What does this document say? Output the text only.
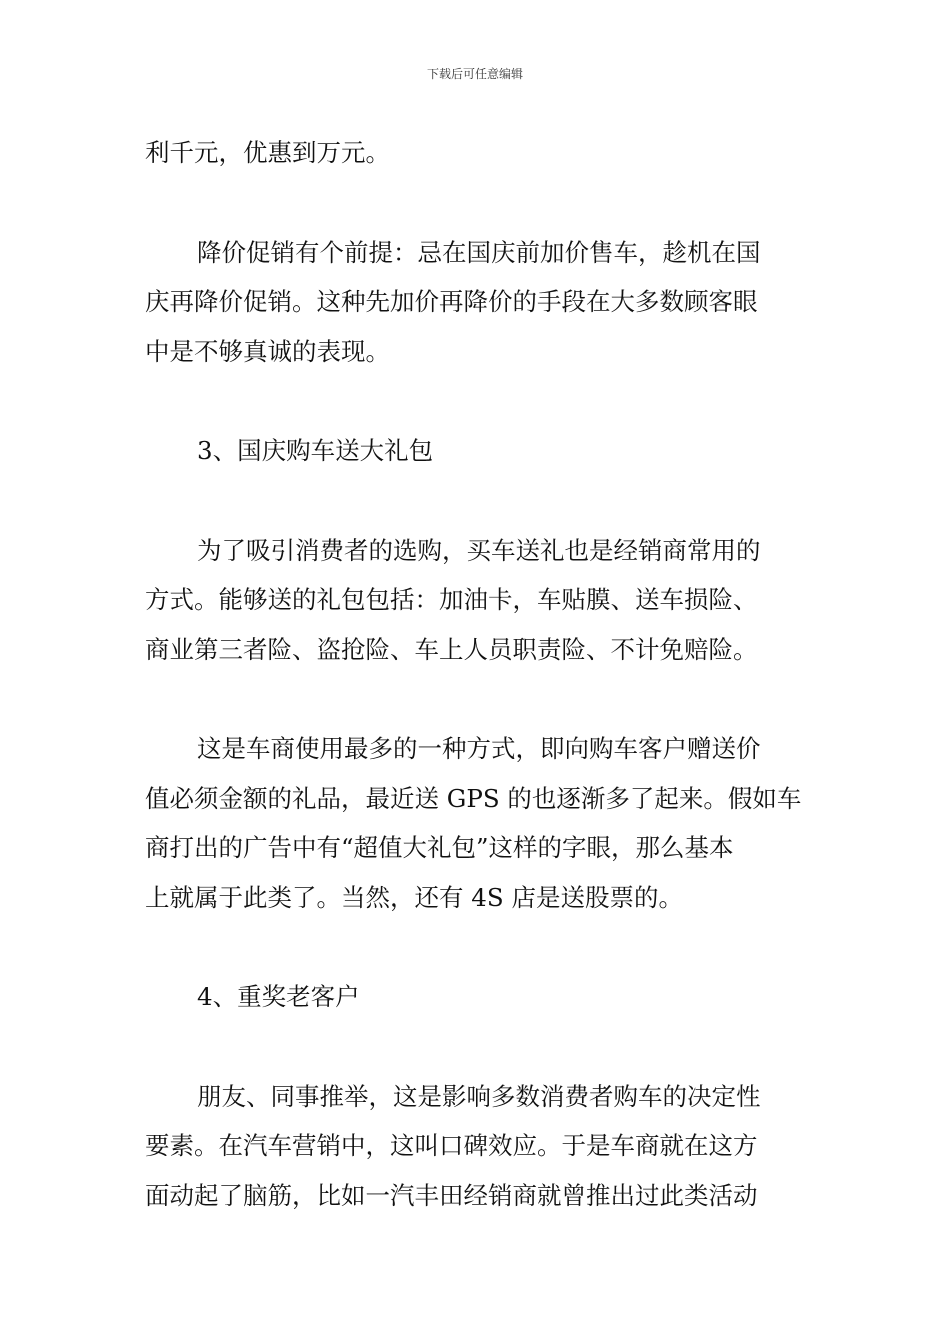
下载后可任意编辑
利千元，优惠到万元。
降价促销有个前提：忌在国庆前加价售车，趁机在国
庆再降价促销。这种先加价再降价的手段在大多数顾客眼
中是不够真诚的表现。
3、国庆购车送大礼包
为了吸引消费者的选购，买车送礼也是经销商常用的
方式。能够送的礼包包括：加油卡，车贴膜、送车损险、
商业第三者险、盗抢险、车上人员职责险、不计免赔险。
这是车商使用最多的一种方式，即向购车客户赠送价
值必须金额的礼品，最近送 GPS 的也逐渐多了起来。假如车
商打出的广告中有“超值大礼包”这样的字眼，那么基本
上就属于此类了。当然，还有 4S 店是送股票的。
4、重奖老客户
朋友、同事推举，这是影响多数消费者购车的决定性
要素。在汽车营销中，这叫口碑效应。于是车商就在这方
面动起了脑筋，比如一汽丰田经销商就曾推出过此类活动
